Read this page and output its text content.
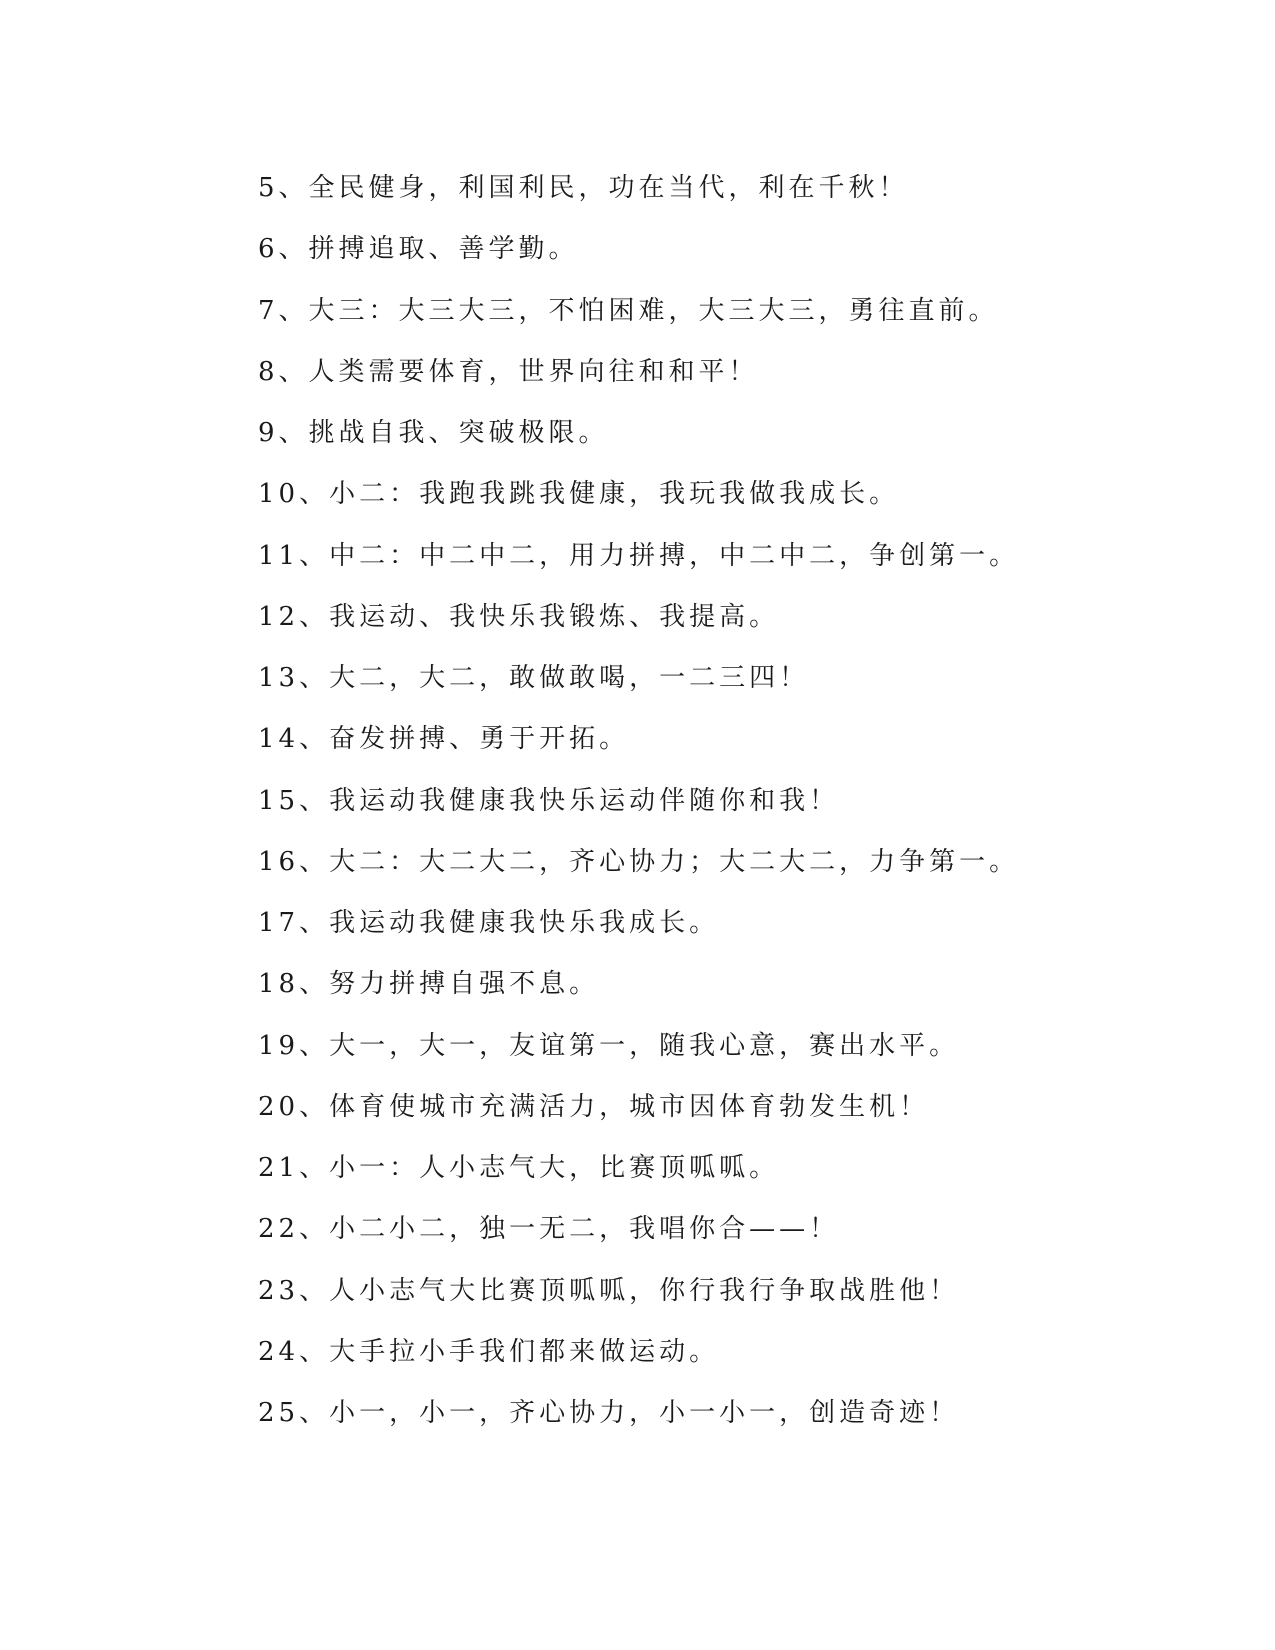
5、全民健身，利国利民，功在当代，利在千秋！
6、拼搏追取、善学勤。
7、大三：大三大三，不怕困难，大三大三，勇往直前。
8、人类需要体育，世界向往和和平！
9、挑战自我、突破极限。
10、小二：我跑我跳我健康，我玩我做我成长。
11、中二：中二中二，用力拼搏，中二中二，争创第一。
12、我运动、我快乐我锻炼、我提高。
13、大二，大二，敢做敢喝，一二三四！
14、奋发拼搏、勇于开拓。
15、我运动我健康我快乐运动伴随你和我！
16、大二：大二大二，齐心协力；大二大二，力争第一。
17、我运动我健康我快乐我成长。
18、努力拼搏自强不息。
19、大一，大一，友谊第一，随我心意，赛出水平。
20、体育使城市充满活力，城市因体育勃发生机！
21、小一：人小志气大，比赛顶呱呱。
22、小二小二，独一无二，我唱你合——！
23、人小志气大比赛顶呱呱，你行我行争取战胜他！
24、大手拉小手我们都来做运动。
25、小一，小一，齐心协力，小一小一，创造奇迹！
